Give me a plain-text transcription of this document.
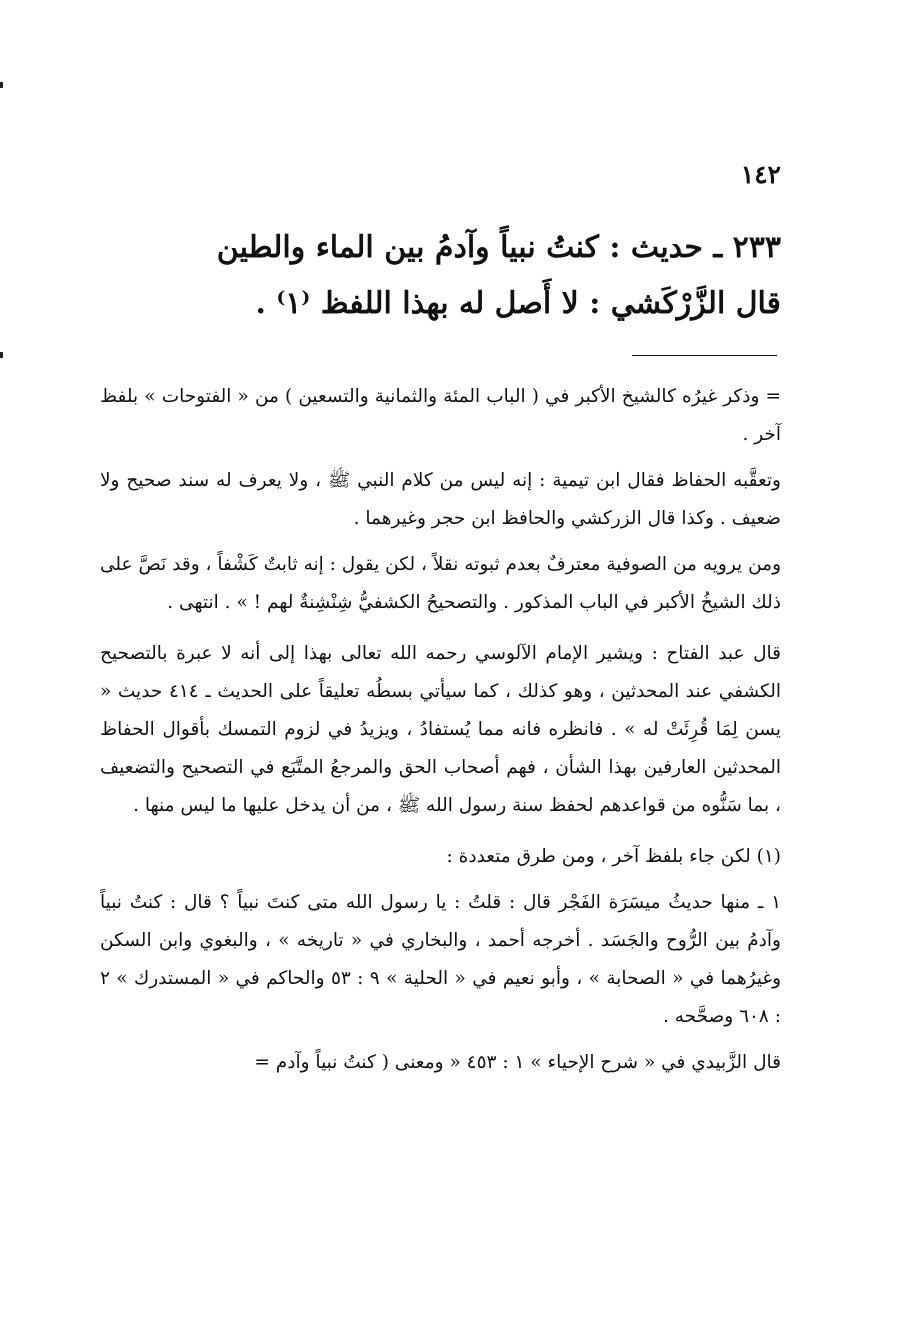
١٤٢
٢٣٣ ـ حديث : كنتُ نبياً وآدمُ بين الماء والطين
قال الزَّرْكَشي : لا أَصل له بهذا اللفظ ⁽١⁾ .

= وذكر غيرُه كالشيخ الأكبر في ( الباب المئة والثمانية والتسعين ) من « الفتوحات » بلفظ آخر .

وتعقَّبه الحفاظ فقال ابن تيمية : إنه ليس من كلام النبي ﷺ ، ولا يعرف له سند صحيح ولا ضعيف . وكذا قال الزركشي والحافظ ابن حجر وغيرهما .

ومن يرويه من الصوفية معترفٌ بعدم ثبوته نقلاً ، لكن يقول : إنه ثابتٌ كَشْفاً ، وقد نَصَّ على ذلك الشيخُ الأكبر في الباب المذكور . والتصحيحُ الكشفيُّ شِنْشِنةٌ لهم ! » . انتهى .

قال عبد الفتاح : ويشير الإمام الآلوسي رحمه الله تعالى بهذا إلى أنه لا عبرة بالتصحيح الكشفي عند المحدثين ، وهو كذلك ، كما سيأتي بسطُه تعليقاً على الحديث ـ ٤١٤ حديث « يسن لِمَا قُرِئَتْ له » . فانظره فانه مما يُستفادُ ، ويزيدُ في لزوم التمسك بأقوال الحفاظ المحدثين العارفين بهذا الشأن ، فهم أصحاب الحق والمرجعُ المتَّبَع في التصحيح والتضعيف ، بما سَنُّوه من قواعدهم لحفظ سنة رسول الله ﷺ ، من أن يدخل عليها ما ليس منها .

(١) لكن جاء بلفظ آخر ، ومن طرق متعددة :

١ ـ منها حديثُ ميسَرَة الفَجْر قال : قلتُ : يا رسول الله متى كنتَ نبياً ؟ قال : كنتُ نبياً وآدمُ بين الرُّوح والجَسَد . أخرجه أحمد ، والبخاري في « تاريخه » ، والبغوي وابن السكن وغيرُهما في « الصحابة » ، وأبو نعيم في « الحلية » ٩ : ٥٣ والحاكم في « المستدرك » ٢ : ٦٠٨ وصحَّحه .

قال الزَّبيدي في « شرح الإحياء » ١ : ٤٥٣ « ومعنى ( كنتُ نبياً وآدم =
